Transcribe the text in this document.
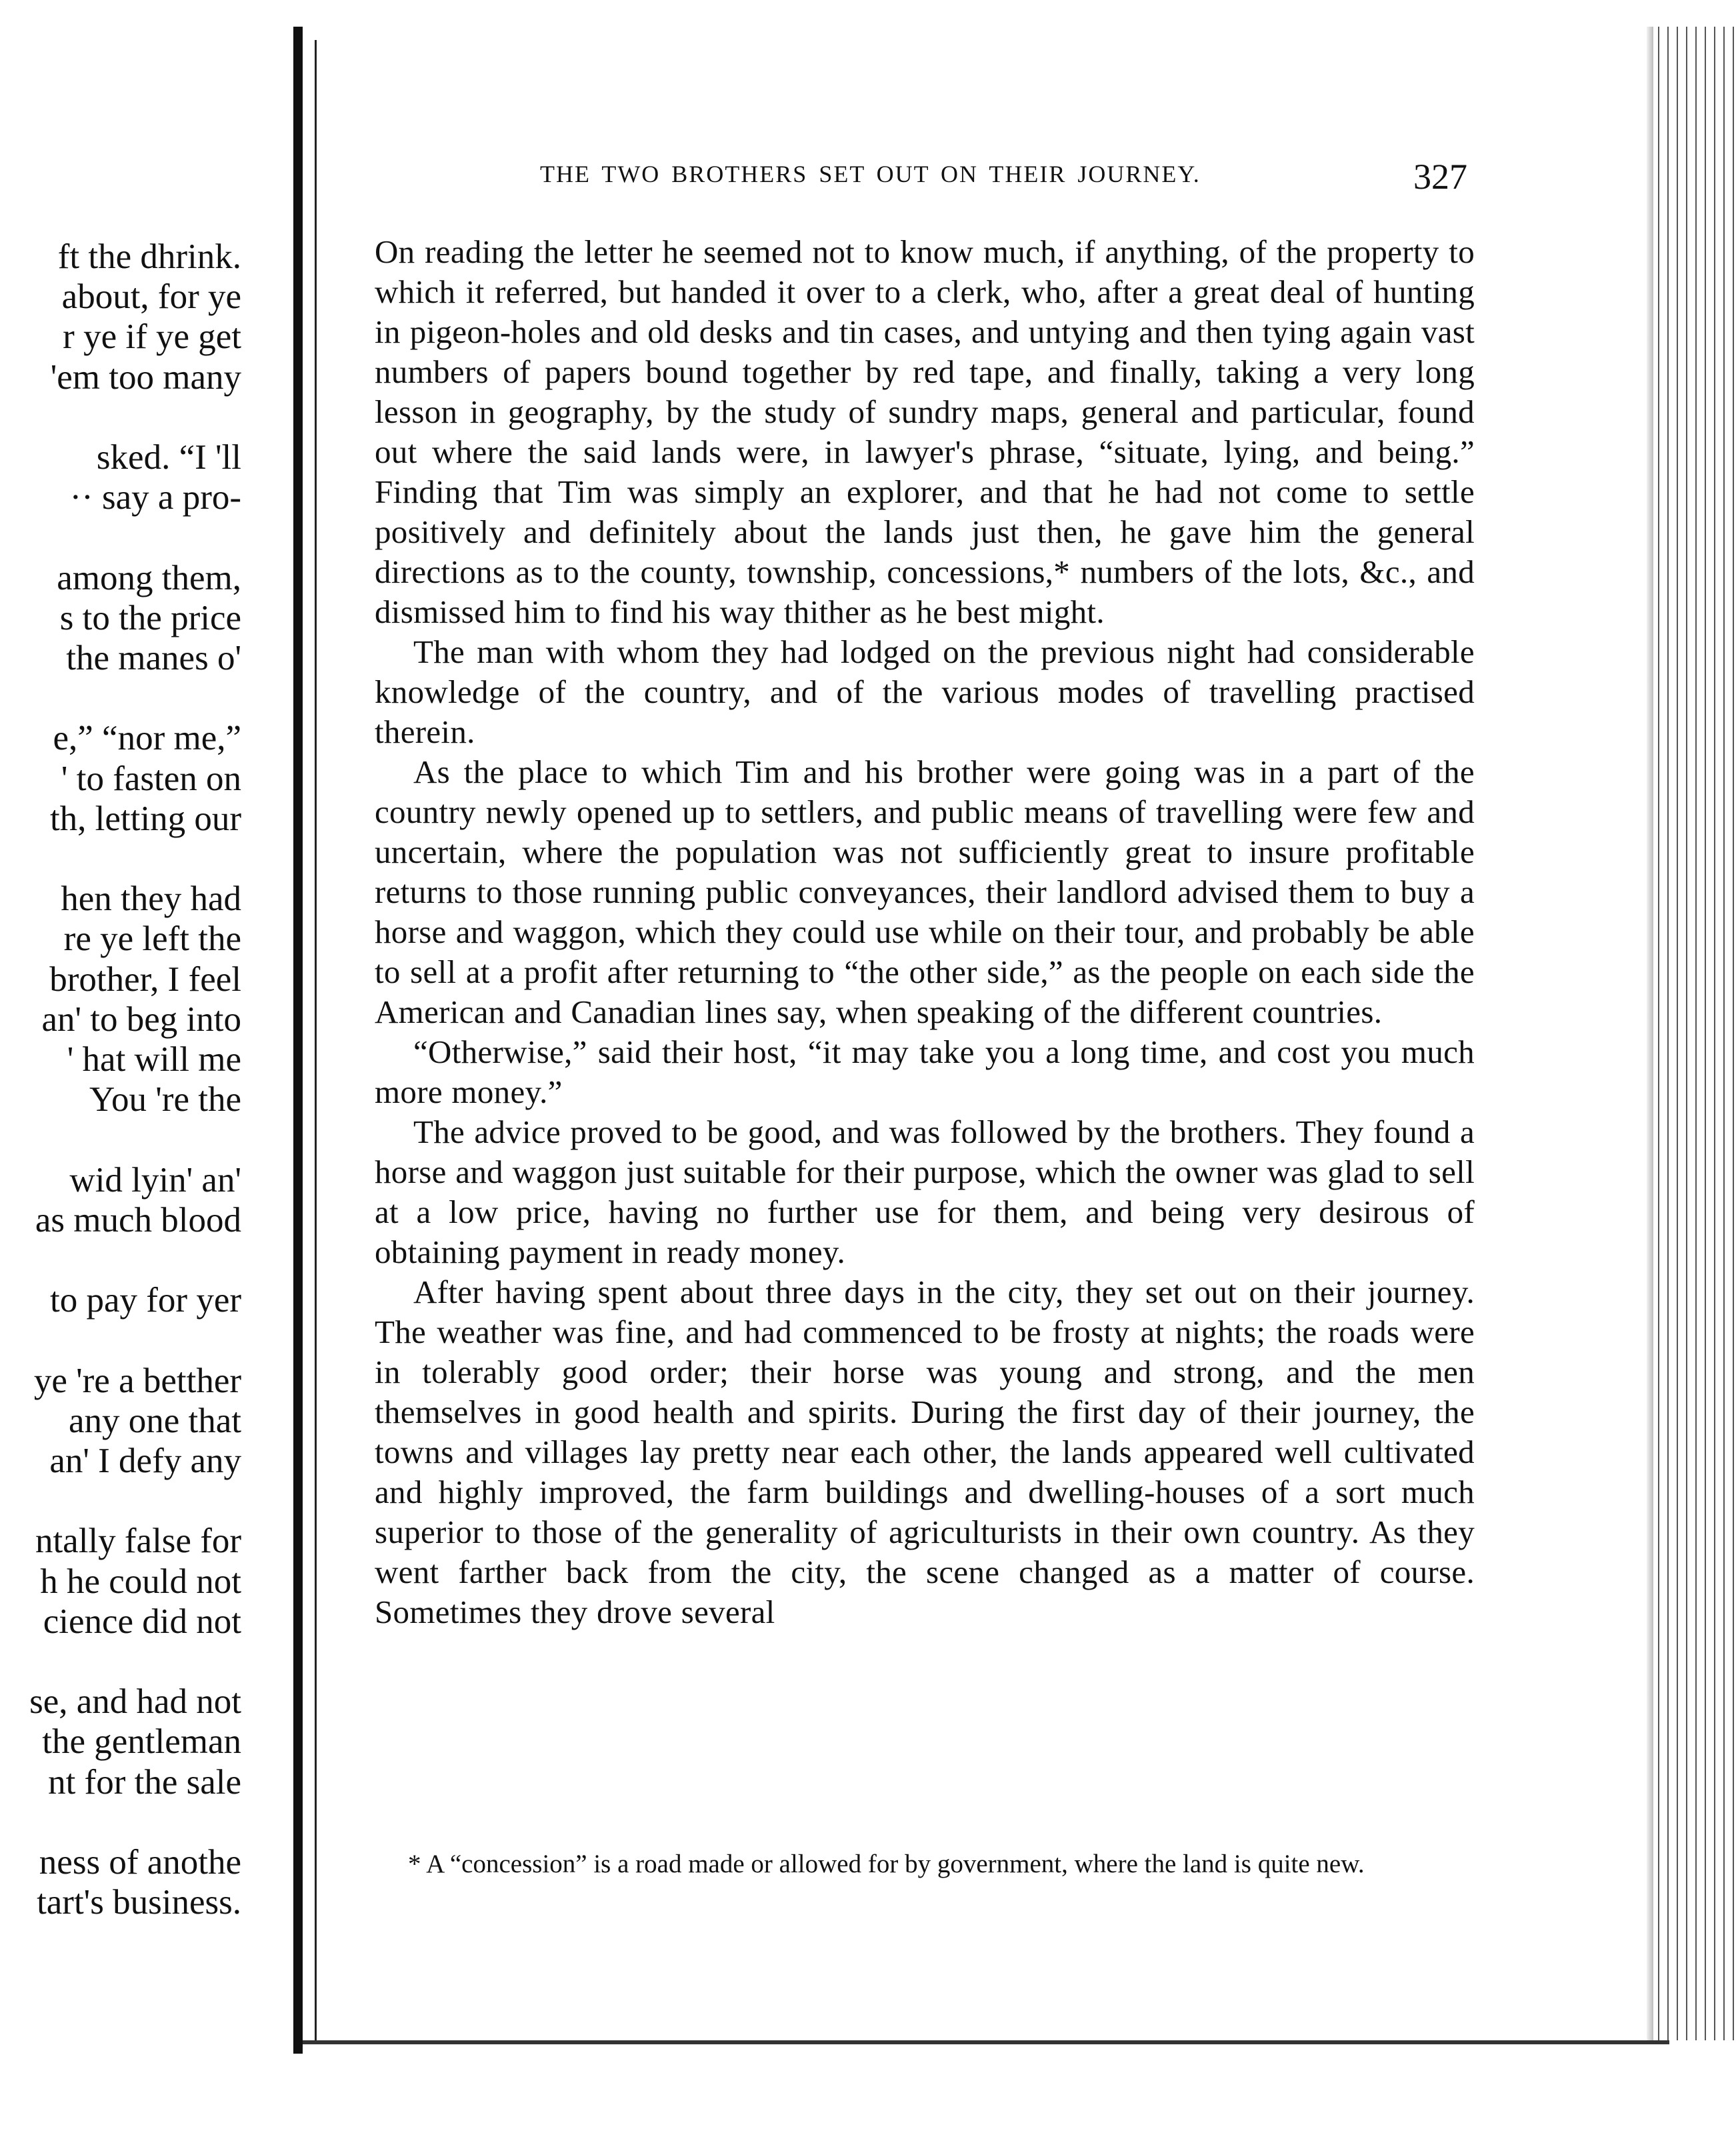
ft the dhrink.
about, for ye
r ye if ye get
'em too many
sked. “I 'll
·· say a pro-
among them,
s to the price
the manes o'
e,” “nor me,”
' to fasten on
th, letting our
hen they had
re ye left the
brother, I feel
an' to beg into
' hat will me
You 're the
wid lyin' an'
as much blood
to pay for yer
ye 're a betther
any one that
an' I defy any
ntally false for
h he could not
cience did not
se, and had not
the gentleman
nt for the sale
ness of anothe
tart's business.
THE TWO BROTHERS SET OUT ON THEIR JOURNEY.	327

On reading the letter he seemed not to know much, if anything, of the property to which it referred, but handed it over to a clerk, who, after a great deal of hunting in pigeon-holes and old desks and tin cases, and untying and then tying again vast numbers of papers bound together by red tape, and finally, taking a very long lesson in geography, by the study of sundry maps, general and particular, found out where the said lands were, in lawyer's phrase, “situate, lying, and being.” Finding that Tim was simply an explorer, and that he had not come to settle positively and definitely about the lands just then, he gave him the general directions as to the county, township, concessions,* numbers of the lots, &c., and dismissed him to find his way thither as he best might.

The man with whom they had lodged on the previous night had considerable knowledge of the country, and of the various modes of travelling practised therein.

As the place to which Tim and his brother were going was in a part of the country newly opened up to settlers, and public means of travelling were few and uncertain, where the population was not sufficiently great to insure profitable returns to those running public conveyances, their landlord advised them to buy a horse and waggon, which they could use while on their tour, and probably be able to sell at a profit after returning to “the other side,” as the people on each side the American and Canadian lines say, when speaking of the different countries.

“Otherwise,” said their host, “it may take you a long time, and cost you much more money.”

The advice proved to be good, and was followed by the brothers. They found a horse and waggon just suitable for their purpose, which the owner was glad to sell at a low price, having no further use for them, and being very desirous of obtaining payment in ready money.

After having spent about three days in the city, they set out on their journey. The weather was fine, and had commenced to be frosty at nights; the roads were in tolerably good order; their horse was young and strong, and the men themselves in good health and spirits. During the first day of their journey, the towns and villages lay pretty near each other, the lands appeared well cultivated and highly improved, the farm buildings and dwelling-houses of a sort much superior to those of the generality of agriculturists in their own country. As they went farther back from the city, the scene changed as a matter of course. Sometimes they drove several

* A “concession” is a road made or allowed for by government, where the land is quite new.
